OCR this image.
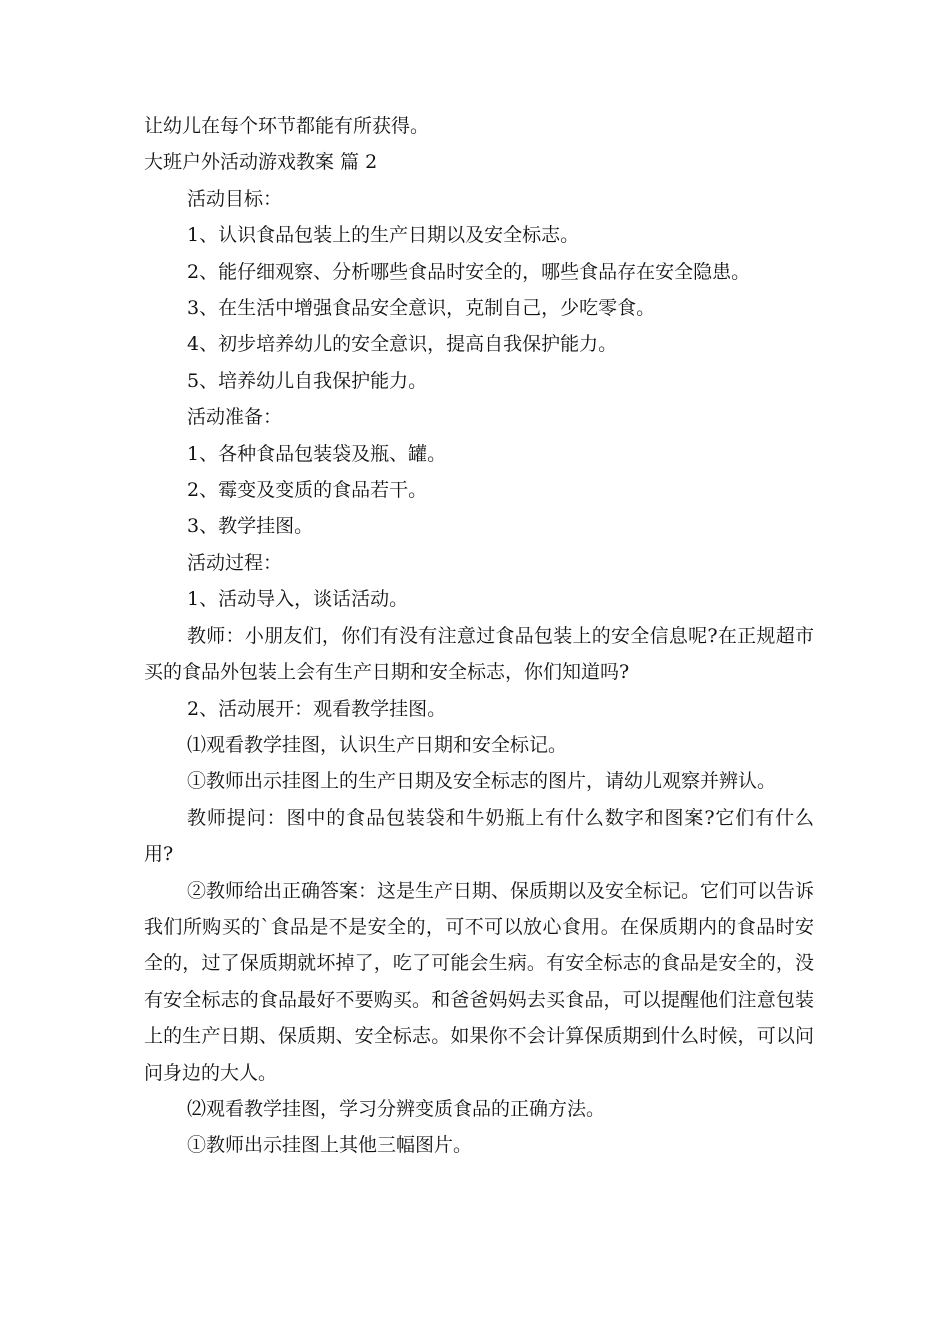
让幼儿在每个环节都能有所获得。

大班户外活动游戏教案 篇 2

活动目标：

1、认识食品包装上的生产日期以及安全标志。

2、能仔细观察、分析哪些食品时安全的，哪些食品存在安全隐患。

3、在生活中增强食品安全意识，克制自己，少吃零食。

4、初步培养幼儿的安全意识，提高自我保护能力。

5、培养幼儿自我保护能力。

活动准备：

1、各种食品包装袋及瓶、罐。

2、霉变及变质的食品若干。

3、教学挂图。

活动过程：

1、活动导入，谈话活动。

教师：小朋友们，你们有没有注意过食品包装上的安全信息呢?在正规超市买的食品外包装上会有生产日期和安全标志，你们知道吗?

2、活动展开：观看教学挂图。

⑴观看教学挂图，认识生产日期和安全标记。

①教师出示挂图上的生产日期及安全标志的图片，请幼儿观察并辨认。

教师提问：图中的食品包装袋和牛奶瓶上有什么数字和图案?它们有什么用?

②教师给出正确答案：这是生产日期、保质期以及安全标记。它们可以告诉我们所购买的`食品是不是安全的，可不可以放心食用。在保质期内的食品时安全的，过了保质期就坏掉了，吃了可能会生病。有安全标志的食品是安全的，没有安全标志的食品最好不要购买。和爸爸妈妈去买食品，可以提醒他们注意包装上的生产日期、保质期、安全标志。如果你不会计算保质期到什么时候，可以问问身边的大人。

⑵观看教学挂图，学习分辨变质食品的正确方法。

①教师出示挂图上其他三幅图片。
